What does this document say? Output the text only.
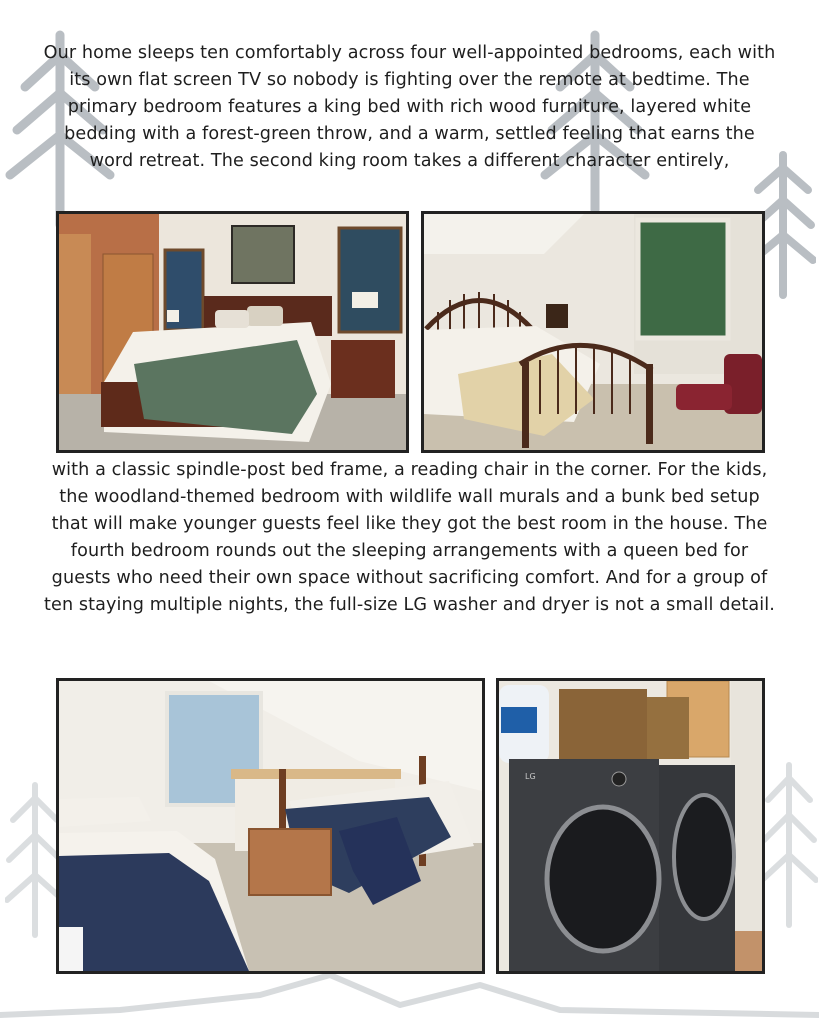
Our home sleeps ten comfortably across four well-appointed bedrooms, each with its own flat screen TV so nobody is fighting over the remote at bedtime. The primary bedroom features a king bed with rich wood furniture, layered white bedding with a forest-green throw, and a warm, settled feeling that earns the word retreat. The second king room takes a different character entirely,

with a classic spindle-post bed frame, a reading chair in the corner. For the kids, the woodland-themed bedroom with wildlife wall murals and a bunk bed setup that will make younger guests feel like they got the best room in the house. The fourth bedroom rounds out the sleeping arrangements with a queen bed for guests who need their own space without sacrificing comfort. And for a group of ten staying multiple nights, the full-size LG washer and dryer is not a small detail.

LG
